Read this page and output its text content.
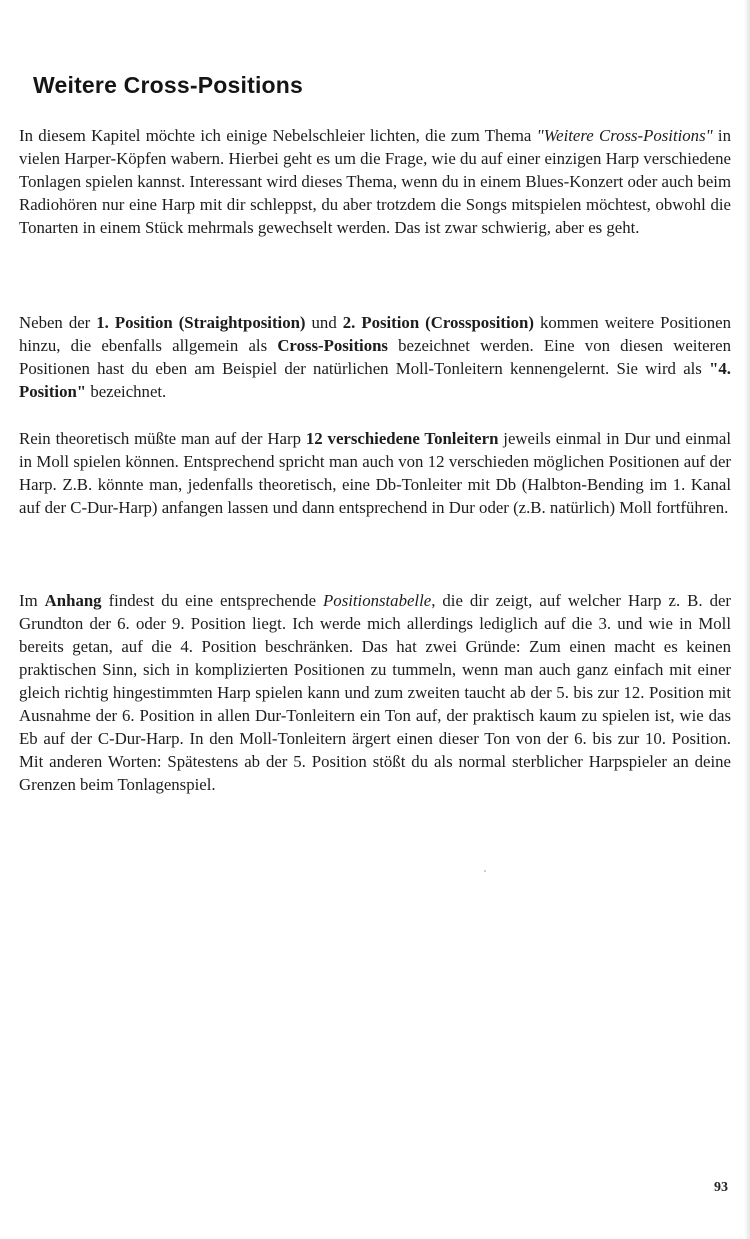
Weitere Cross-Positions

In diesem Kapitel möchte ich einige Nebelschleier lichten, die zum Thema "Weitere Cross-Positions" in vielen Harper-Köpfen wabern. Hierbei geht es um die Frage, wie du auf einer einzigen Harp verschiedene Tonlagen spielen kannst. Interessant wird dieses Thema, wenn du in einem Blues-Konzert oder auch beim Radiohören nur eine Harp mit dir schleppst, du aber trotzdem die Songs mitspielen möchtest, obwohl die Tonarten in einem Stück mehrmals gewechselt werden. Das ist zwar schwierig, aber es geht.

Neben der 1. Position (Straightposition) und 2. Position (Crossposition) kommen weitere Positionen hinzu, die ebenfalls allgemein als Cross-Positions bezeichnet werden. Eine von diesen weiteren Positionen hast du eben am Beispiel der natürlichen Moll-Tonleitern kennengelernt. Sie wird als "4. Position" bezeichnet.

Rein theoretisch müßte man auf der Harp 12 verschiedene Tonleitern jeweils einmal in Dur und einmal in Moll spielen können. Entsprechend spricht man auch von 12 verschieden möglichen Positionen auf der Harp. Z.B. könnte man, jedenfalls theoretisch, eine Db-Tonleiter mit Db (Halbton-Bending im 1. Kanal auf der C-Dur-Harp) anfangen lassen und dann entsprechend in Dur oder (z.B. natürlich) Moll fortführen.

Im Anhang findest du eine entsprechende Positionstabelle, die dir zeigt, auf welcher Harp z. B. der Grundton der 6. oder 9. Position liegt. Ich werde mich allerdings lediglich auf die 3. und wie in Moll bereits getan, auf die 4. Position beschränken. Das hat zwei Gründe: Zum einen macht es keinen praktischen Sinn, sich in komplizierten Positionen zu tummeln, wenn man auch ganz einfach mit einer gleich richtig hingestimmten Harp spielen kann und zum zweiten taucht ab der 5. bis zur 12. Position mit Ausnahme der 6. Position in allen Dur-Tonleitern ein Ton auf, der praktisch kaum zu spielen ist, wie das Eb auf der C-Dur-Harp. In den Moll-Tonleitern ärgert einen dieser Ton von der 6. bis zur 10. Position. Mit anderen Worten: Spätestens ab der 5. Position stößt du als normal sterblicher Harpspieler an deine Grenzen beim Tonlagenspiel.

93
